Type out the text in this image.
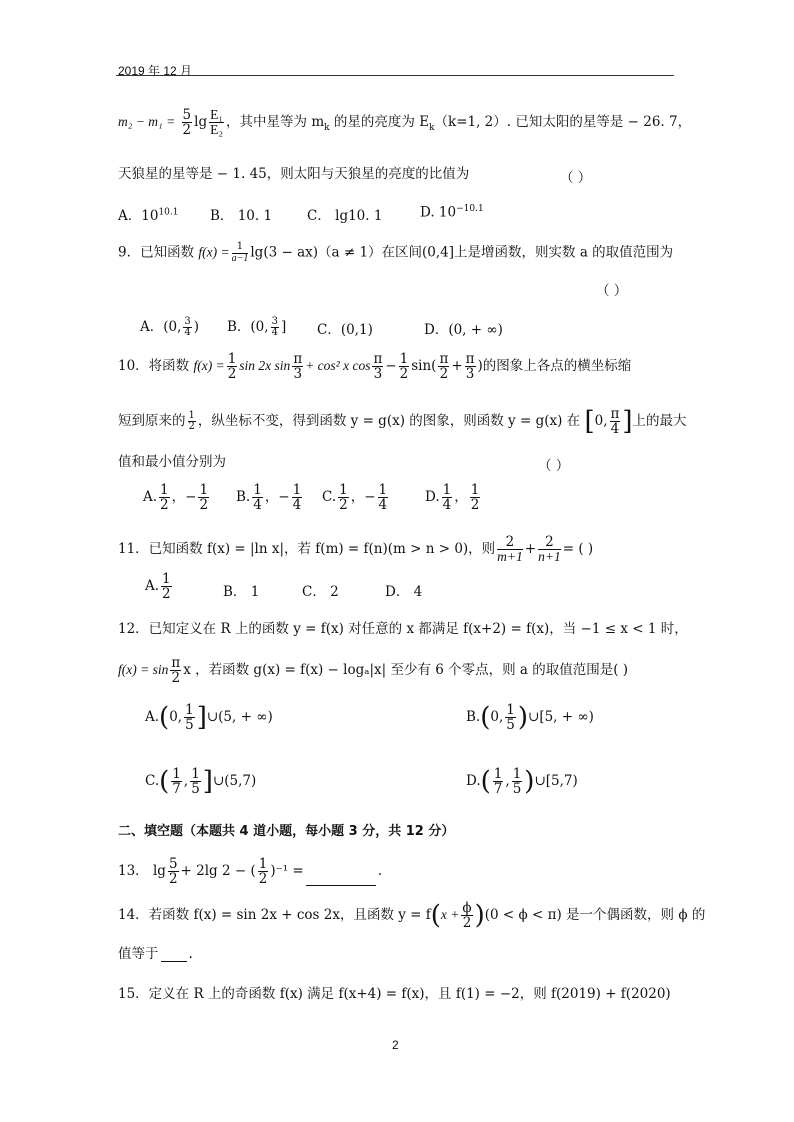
2019 年 12 月
$m_2 - m_1 = \frac{5}{2}$ $\lg \frac{\text{E₁}}{\text{E₂}}$ ，其中星等为 $m_k$ 的星的亮度为 $E_k(k=1$, 2）. 已知太阳的星等是 − 26. 7，
天狼星的星等是 − 1. 45，则太阳与天狼星的亮度的比值为	（ ）
A．$10^{10.1}$ B． 10. 1	C． lg10. 1	D. $10^{-10.1}$
9．已知函数 $f(x) = \frac{1}{a-1} \lg(3 - ax)(a \ne 1)$在区间(0,4]上是增函数，则实数 a 的取值范围为
（ ）
A．(0, $\frac{3}{4}$ ) B．(0, $\frac{3}{4}$ ] C．(0,1)	D．(0, + ∞)
10．将函数 $f(x) = \frac{1}{2}$ sin 2x $\sin \frac{\pi}{3} + \cos^2$ x $\cos \frac{\pi}{3} - \frac{1}{2} \sin( \frac{\pi}{2} + \frac{\pi}{3}$ )的图象上各点的横坐标缩
短到原来的 $\frac{1}{2}$ ，纵坐标不变，得到函数 y = g(x) 的图象，则函数 y = g(x) 在 [0, $\frac{\pi}{4}$ ]上的最大
值和最小值分别为	（ ）
A. $\frac{1}{2}$ ，− $\frac{1}{2} B$. $\frac{1}{4}$ ，− $\frac{1}{4} C$. $\frac{1}{2}$ ，− $\frac{1}{4}$	D. $\frac{1}{4}$ ， $\frac{1}{2}$
11．已知函数 f(x) = |ln x|，若 f(m) = f(n)(m > n > 0)，则 $\frac{2}{m+1} + \frac{2}{n+1}$ = ( )
A. $\frac{1}{2}$	B． 1	C． 2	D． 4
12．已知定义在 R 上的函数 y = f(x) 对任意的 x 都满足 f(x+2) = f(x)，当 −1 ≤ x < 1 时，
$f(x) = \sin \frac{\pi}{2}$ x ，若函数 g(x) = f(x) − logₐ|x| 至少有 6 个零点，则 a 的取值范围是( )
A.(0, $\frac{1}{5}$ ]∪(5, + ∞)	B.(0, $\frac{1}{5}$ )∪[5, + ∞)
$C.( \frac{1}{7}$ , $\frac{1}{5}$ ]∪(5,7)	$D.( \frac{1}{7}$ , $\frac{1}{5}$ )∪[5,7)
二、填空题（本题共 4 道小题，每小题 3 分，共 12 分）
13． $\lg \frac{5}{2} + 2\lg$ 2 − ( $\frac{1}{2} )^{-1}$ =	.
14．若函数 f(x) = sin 2x + cos 2x，且函数 $y = f(x + \frac{\phi}{2} )(0 < \phi < \pi)$ 是一个偶函数，则 ϕ 的
值等于 .
15．定义在 R 上的奇函数 f(x) 满足 f(x+4) = f(x)，且 f(1) = −2，则 f(2019) + f(2020)
2
